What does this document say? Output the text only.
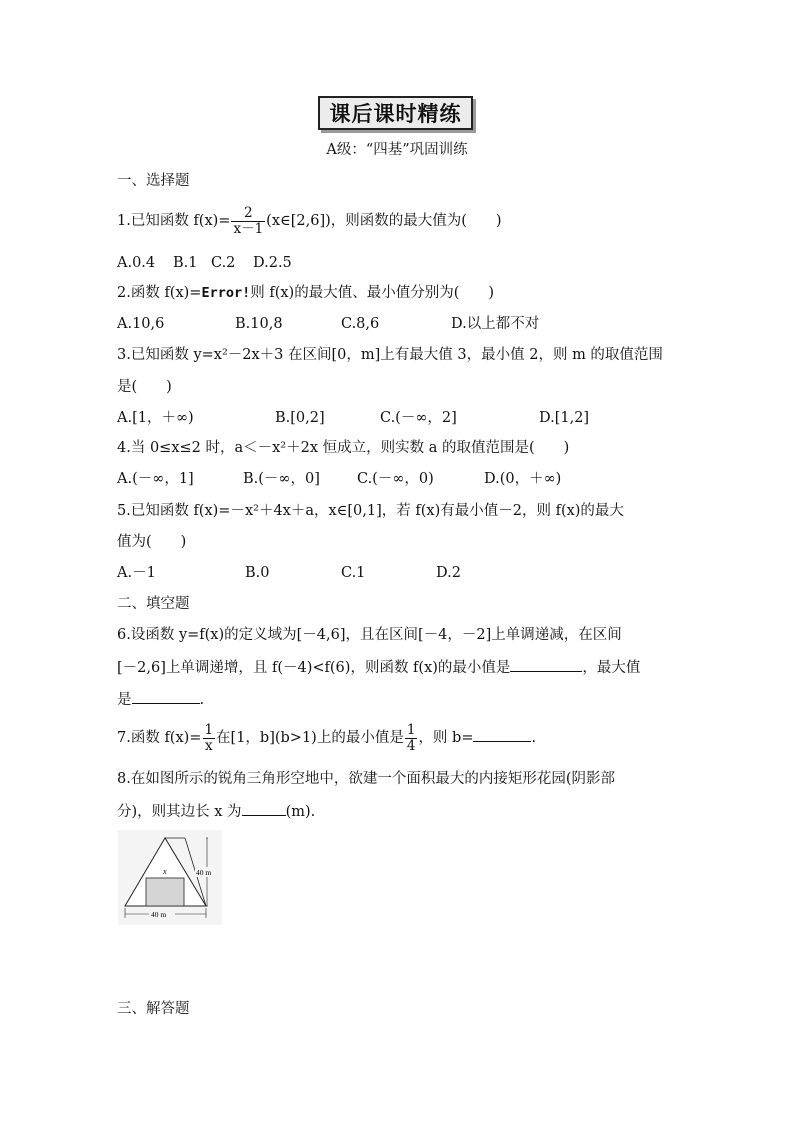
课后课时精练
A级：“四基”巩固训练
一、选择题
1.已知函数 $f(x)= \frac{2}{x-1}$ (x∈[2,6])，则函数的最大值为(　　)
A.0.4 B.1 C.2 D.2.5
2.函数 f(x)=Error!则 f(x)的最大值、最小值分别为(　　)
A.10,6	B.10,8	C.8,6	D.以上都不对
3.已知函数 y=x²－2x＋3 在区间[0，m]上有最大值 3，最小值 2，则 m 的取值范围
是(　　)
A.[1，＋∞)	B.[0,2]	C.(－∞，2]	D.[1,2]
4.当 0≤x≤2 时，a＜－x²＋2x 恒成立，则实数 a 的取值范围是(　　)
A.(－∞，1]	B.(－∞，0]	C.(－∞，0)	D.(0，＋∞)
5.已知函数 f(x)=－x²＋4x＋a，x∈[0,1]，若 f(x)有最小值－2，则 f(x)的最大
值为(　　)
A.－1	B.0	C.1	D.2
二、填空题
6.设函数 y=f(x)的定义域为[－4,6]，且在区间[－4，－2]上单调递减，在区间
[－2,6]上单调递增，且 f(－4)<f(6)，则函数 f(x)的最小值是	，最大值
是	.
7.函数 $f(x)= \frac{1}{x}$ 在[1，b](b>1)上的最小值是 $\frac{1}{4}$ ，则 b=	.
8.在如图所示的锐角三角形空地中，欲建一个面积最大的内接矩形花园(阴影部
分)，则其边长 x 为	(m).
x	40 m
40 m
三、解答题
